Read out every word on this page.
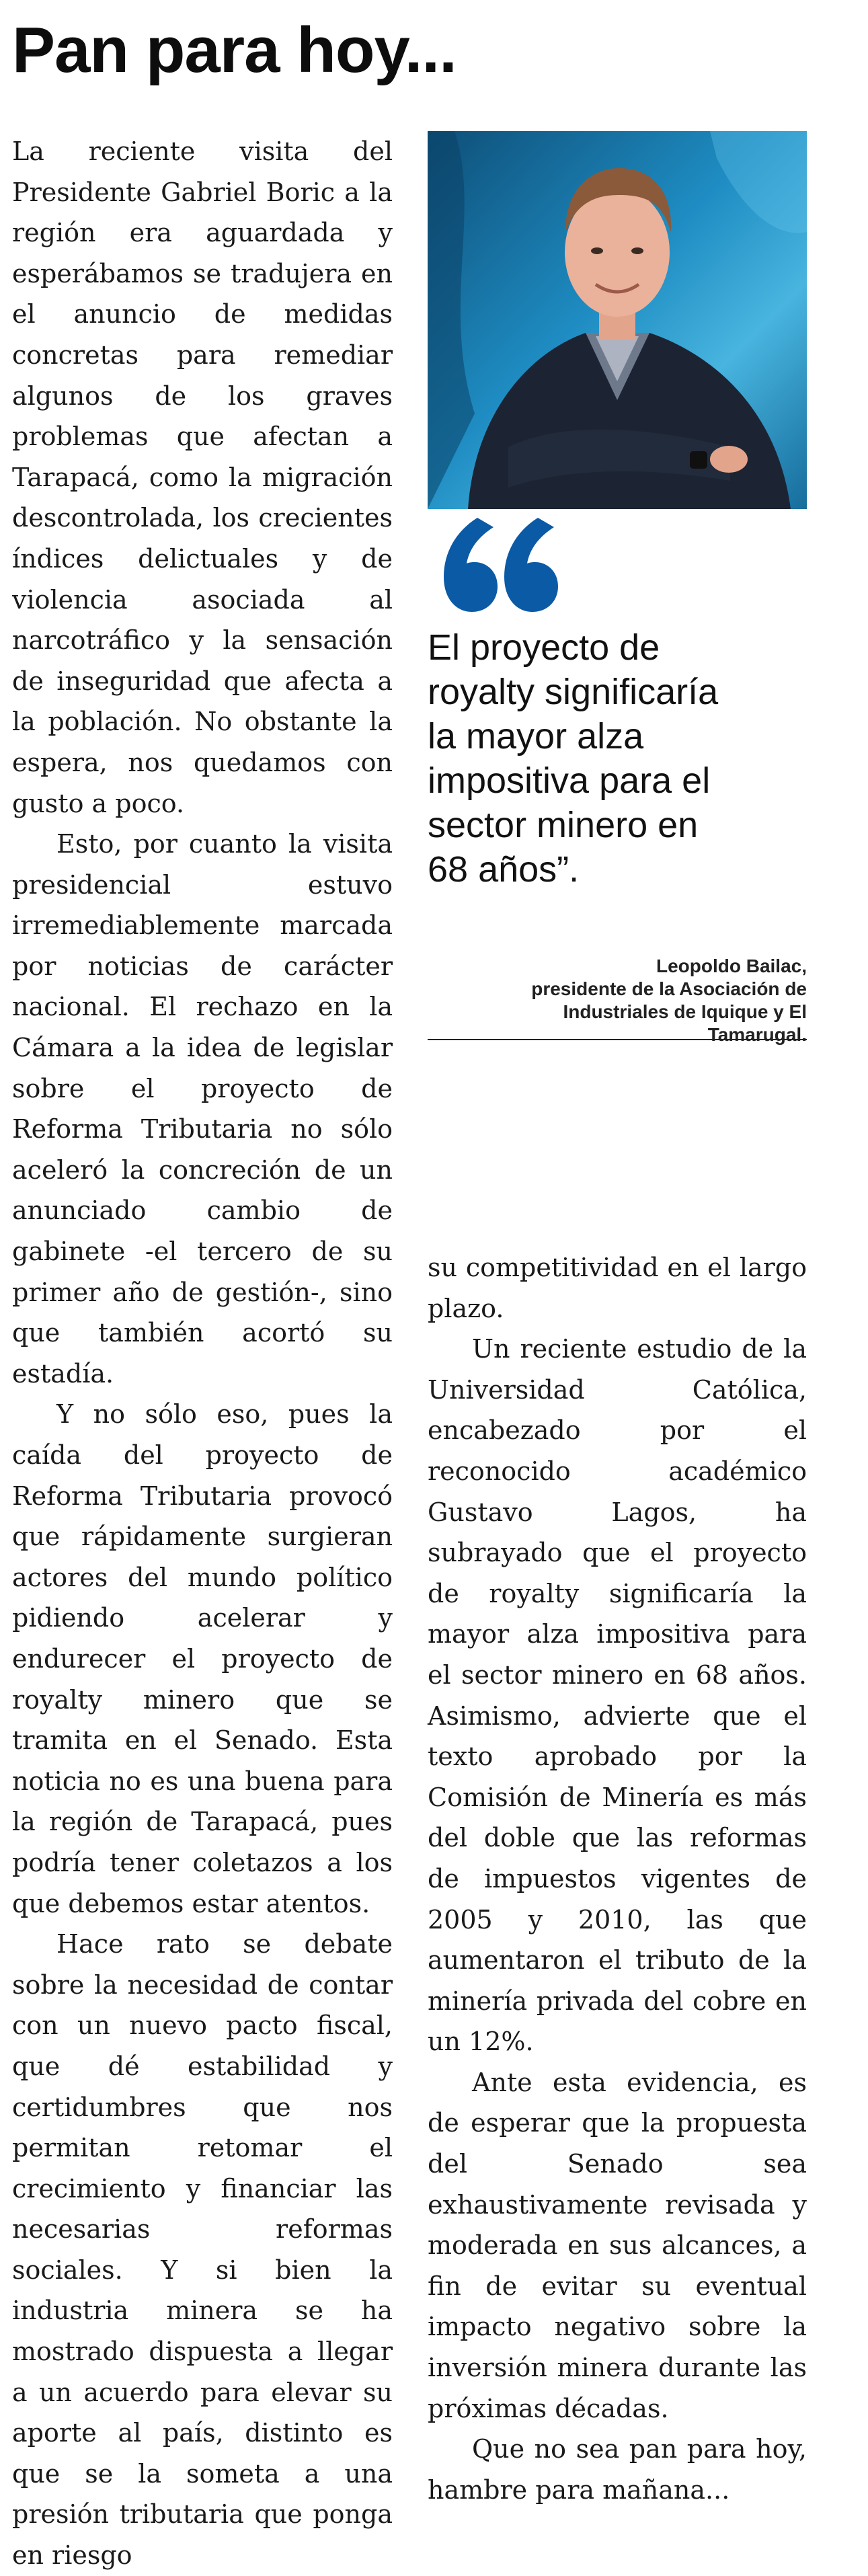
Pan para hoy...

La reciente visita del Presidente Gabriel Boric a la región era aguardada y esperábamos se tradujera en el anuncio de medidas concretas para remediar algunos de los graves problemas que afectan a Tarapacá, como la migración descontrolada, los crecientes índices delictuales y de violencia asociada al narcotráfico y la sensación de inseguridad que afecta a la población. No obstante la espera, nos quedamos con gusto a poco.

Esto, por cuanto la visita presidencial estuvo irremediablemente marcada por noticias de carácter nacional. El rechazo en la Cámara a la idea de legislar sobre el proyecto de Reforma Tributaria no sólo aceleró la concreción de un anunciado cambio de gabinete -el tercero de su primer año de gestión-, sino que también acortó su estadía.

Y no sólo eso, pues la caída del proyecto de Reforma Tributaria provocó que rápidamente surgieran actores del mundo político pidiendo acelerar y endurecer el proyecto de royalty minero que se tramita en el Senado. Esta noticia no es una buena para la región de Tarapacá, pues podría tener coletazos a los que debemos estar atentos.

Hace rato se debate sobre la necesidad de contar con un nuevo pacto fiscal, que dé estabilidad y certidumbres que nos permitan retomar el crecimiento y financiar las necesarias reformas sociales. Y si bien la industria minera se ha mostrado dispuesta a llegar a un acuerdo para elevar su aporte al país, distinto es que se la someta a una presión tributaria que ponga en riesgo

El proyecto de
royalty significaría
la mayor alza
impositiva para el
sector minero en
68 años”.
Leopoldo Bailac,
presidente de la Asociación de
Industriales de Iquique y El
Tamarugal.

su competitividad en el largo plazo.

Un reciente estudio de la Universidad Católica, encabezado por el reconocido académico Gustavo Lagos, ha subrayado que el proyecto de royalty significaría la mayor alza impositiva para el sector minero en 68 años. Asimismo, advierte que el texto aprobado por la Comisión de Minería es más del doble que las reformas de impuestos vigentes de 2005 y 2010, las que aumentaron el tributo de la minería privada del cobre en un 12%.

Ante esta evidencia, es de esperar que la propuesta del Senado sea exhaustivamente revisada y moderada en sus alcances, a fin de evitar su eventual impacto negativo sobre la inversión minera durante las próximas décadas.

Que no sea pan para hoy, hambre para mañana...
